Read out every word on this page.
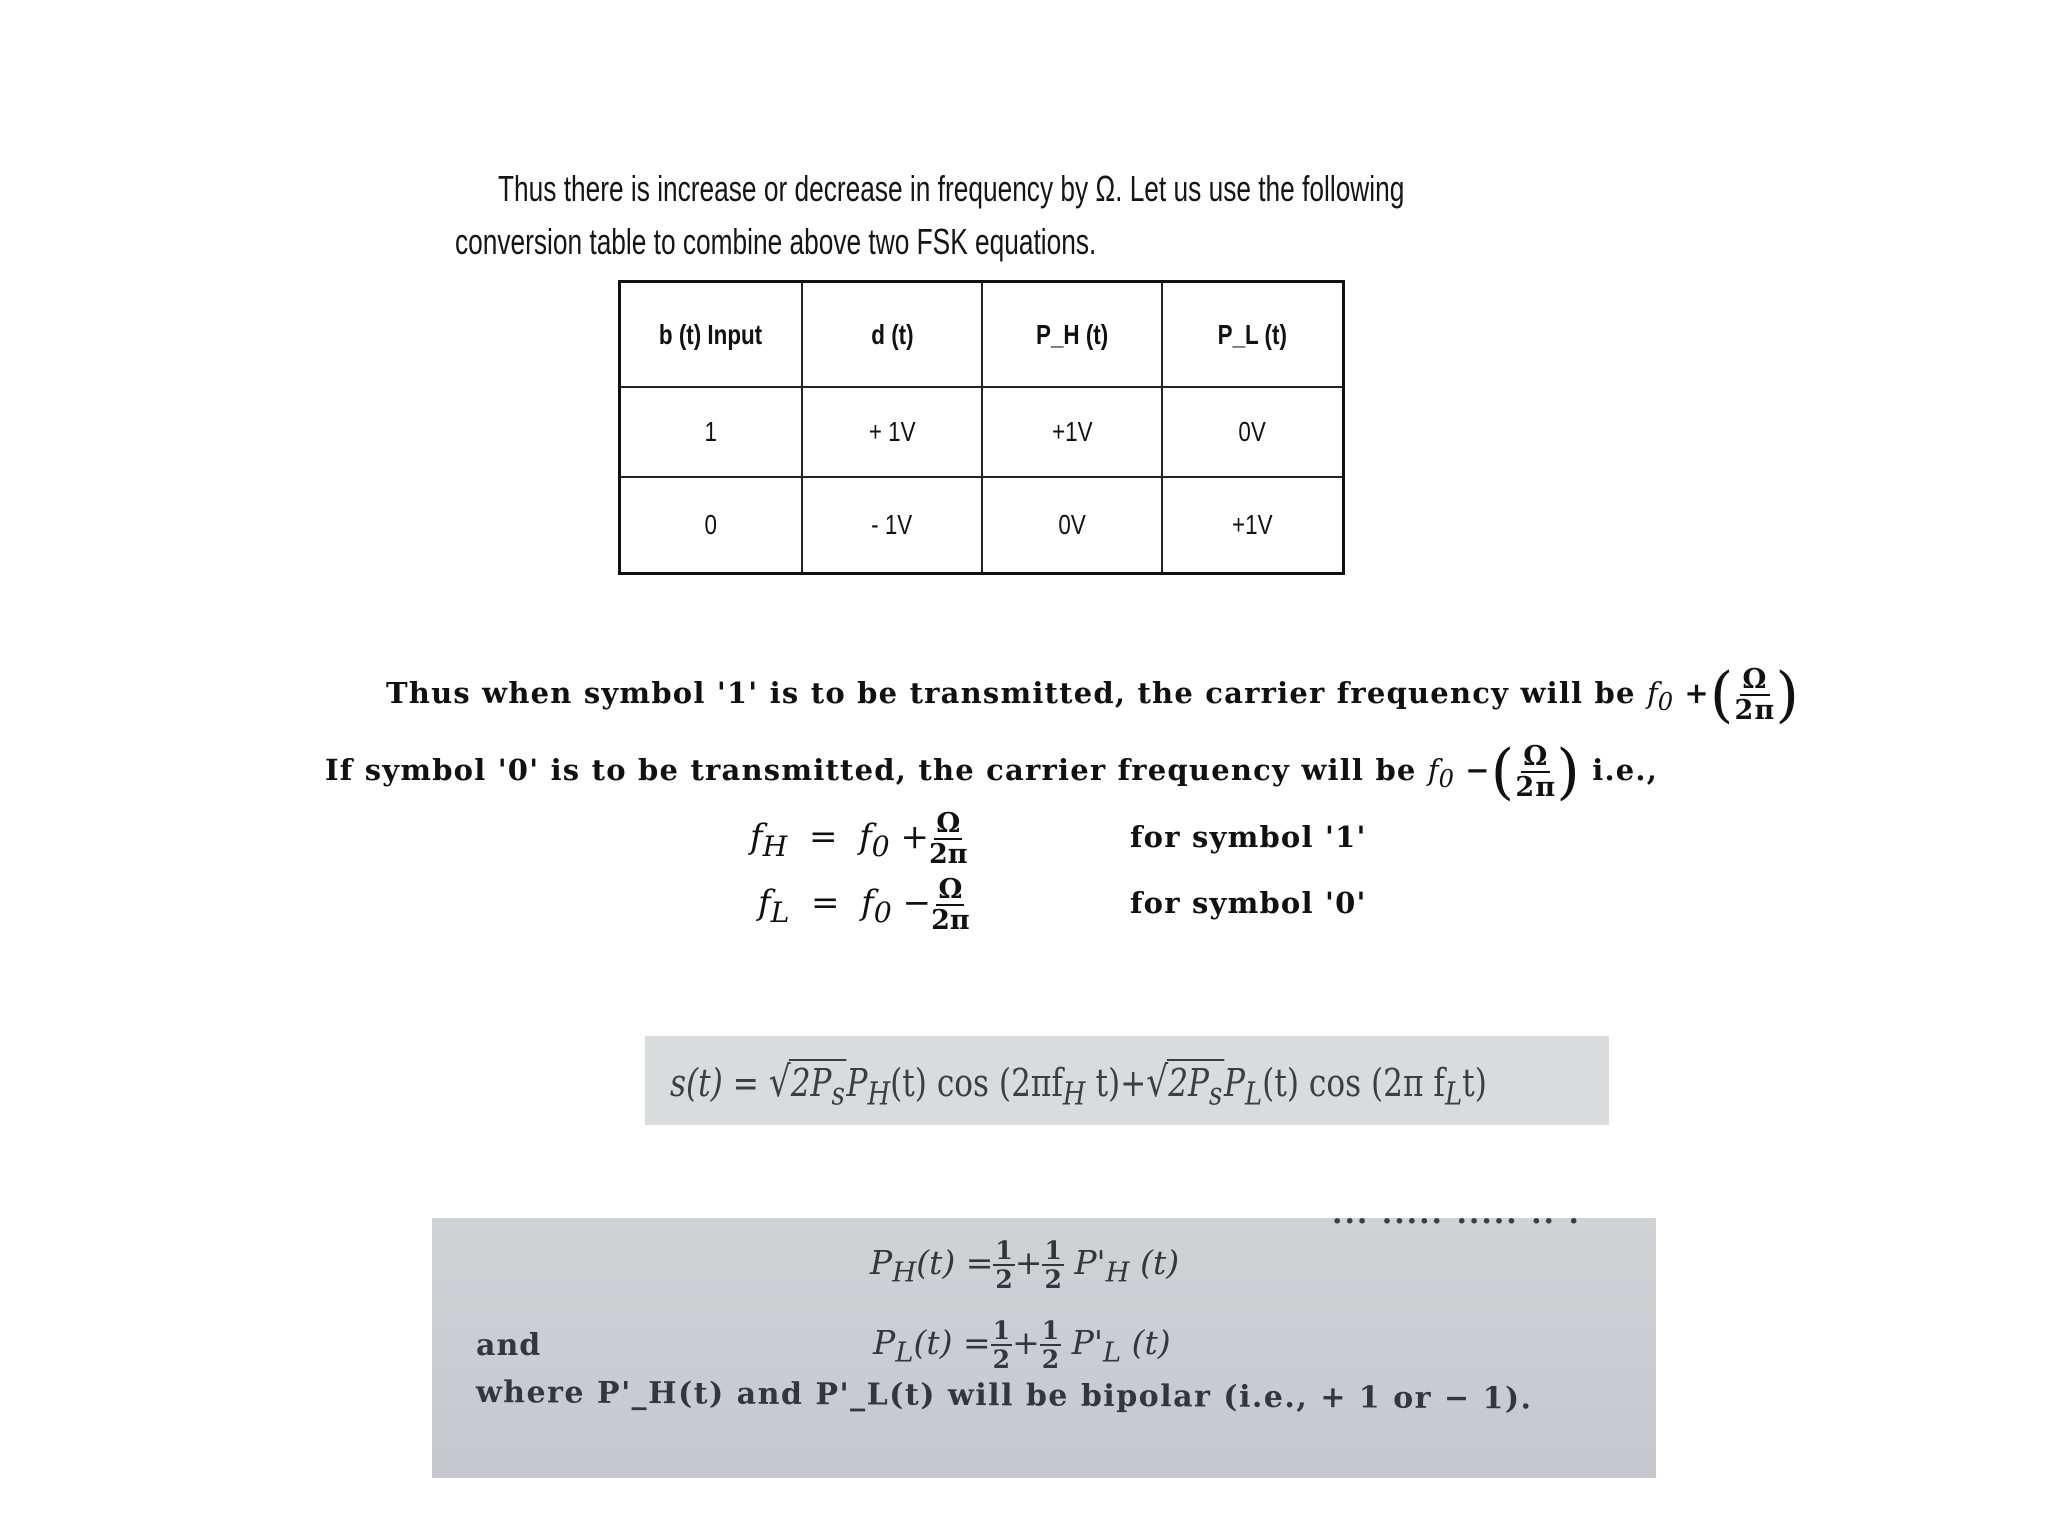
Thus there is increase or decrease in frequency by Ω. Let us use the following
conversion table to combine above two FSK equations.
b (t) Input	d (t)	P_H (t)	P_L (t)
1	+ 1V	+1V	0V
0	- 1V	0V	+1V
Thus when symbol '1' is to be transmitted, the carrier frequency will be $f_0$ +( $\frac{\Omega}{2\pi}$ )
If symbol '0' is to be transmitted, the carrier frequency will be $f_0$ −( $\frac{\Omega}{2\pi}$ ) i.e.,
$f_H = f_0 + \frac{\Omega}{2\pi}$	for symbol '1'
$f_L = f_0 - \frac{\Omega}{2\pi}$	for symbol '0'
$s(t) = √2P_sP_H(t)$ $\cos (2\pi f_H$ $t)+√2P_sP_L(t)$ cos (2π $f_Lt$)
··· ····· ····· ·· ·
$P_H(t) = \frac{1}{2} + \frac{1}{2} P'_H$ (t)
and	$P_L(t) = \frac{1}{2} + \frac{1}{2} P'_L$ (t)
where P'_H(t) and P'_L(t) will be bipolar (i.e., + 1 or − 1).
